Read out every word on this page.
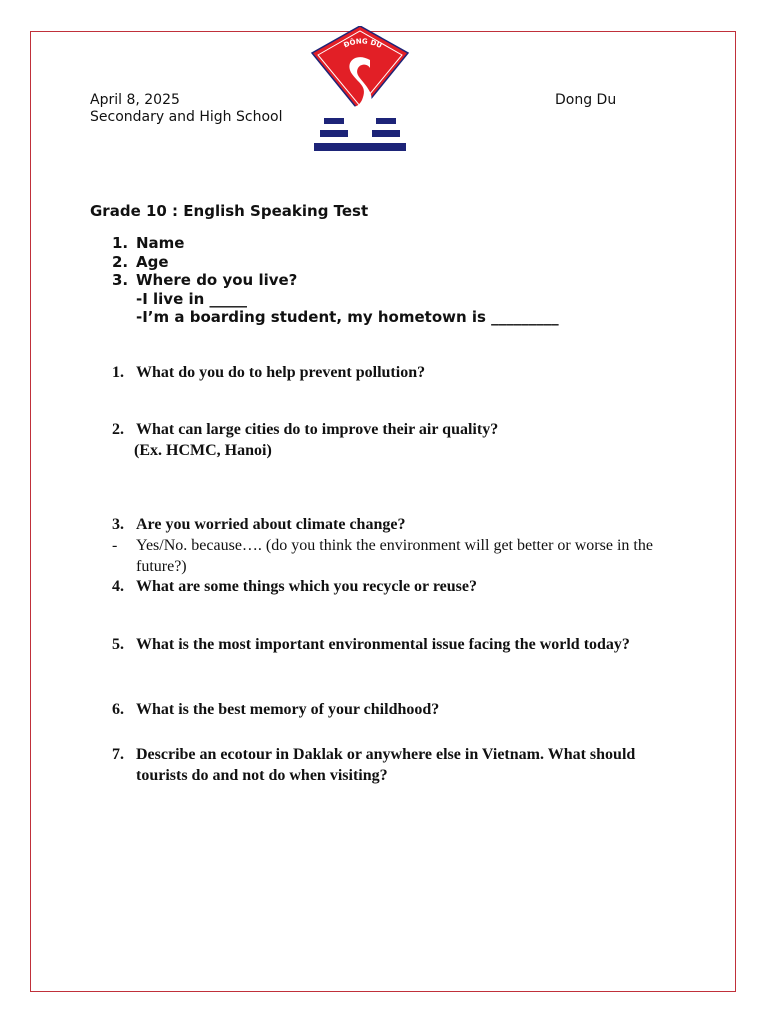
April 8, 2025
Secondary and High School
Dong Du
ĐÔNG DU
Grade 10 : English Speaking Test
1. Name
2. Age
3. Where do you live?
-I live in _____
-I’m a boarding student, my hometown is _________
1. What do you do to help prevent pollution?
2. What can large cities do to improve their air quality?
(Ex. HCMC, Hanoi)
3. Are you worried about climate change?
-	Yes/No. because…. (do you think the environment will get better or worse in the future?)
4. What are some things which you recycle or reuse?
5. What is the most important environmental issue facing the world today?
6. What is the best memory of your childhood?
7. Describe an ecotour in Daklak or anywhere else in Vietnam. What should tourists do and not do when visiting?
